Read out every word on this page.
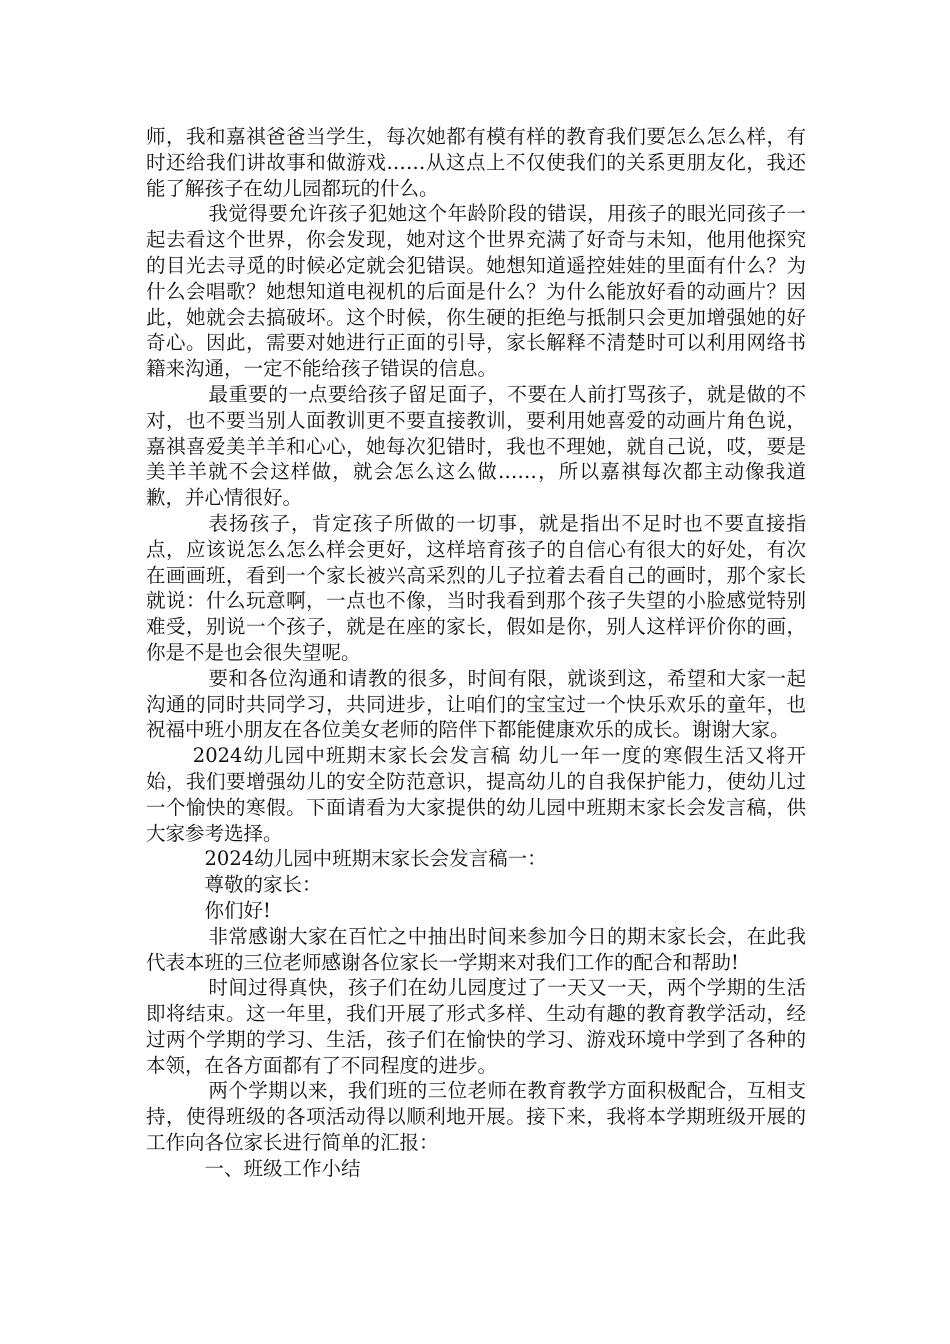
师，我和嘉祺爸爸当学生，每次她都有模有样的教育我们要怎么怎么样，有时还给我们讲故事和做游戏……从这点上不仅使我们的关系更朋友化，我还能了解孩子在幼儿园都玩的什么。

我觉得要允许孩子犯她这个年龄阶段的错误，用孩子的眼光同孩子一起去看这个世界，你会发现，她对这个世界充满了好奇与未知，他用他探究的目光去寻觅的时候必定就会犯错误。她想知道遥控娃娃的里面有什么？为什么会唱歌？她想知道电视机的后面是什么？为什么能放好看的动画片？因此，她就会去搞破坏。这个时候，你生硬的拒绝与抵制只会更加增强她的好奇心。因此，需要对她进行正面的引导，家长解释不清楚时可以利用网络书籍来沟通，一定不能给孩子错误的信息。

最重要的一点要给孩子留足面子，不要在人前打骂孩子，就是做的不对，也不要当别人面教训更不要直接教训，要利用她喜爱的动画片角色说，嘉祺喜爱美羊羊和心心，她每次犯错时，我也不理她，就自己说，哎，要是美羊羊就不会这样做，就会怎么这么做……，所以嘉祺每次都主动像我道歉，并心情很好。

表扬孩子，肯定孩子所做的一切事，就是指出不足时也不要直接指点，应该说怎么怎么样会更好，这样培育孩子的自信心有很大的好处，有次在画画班，看到一个家长被兴高采烈的儿子拉着去看自己的画时，那个家长就说：什么玩意啊，一点也不像，当时我看到那个孩子失望的小脸感觉特别难受，别说一个孩子，就是在座的家长，假如是你，别人这样评价你的画，你是不是也会很失望呢。

要和各位沟通和请教的很多，时间有限，就谈到这，希望和大家一起沟通的同时共同学习，共同进步，让咱们的宝宝过一个快乐欢乐的童年，也祝福中班小朋友在各位美女老师的陪伴下都能健康欢乐的成长。谢谢大家。

2024幼儿园中班期末家长会发言稿 幼儿一年一度的寒假生活又将开始，我们要增强幼儿的安全防范意识，提高幼儿的自我保护能力，使幼儿过一个愉快的寒假。下面请看为大家提供的幼儿园中班期末家长会发言稿，供大家参考选择。

2024幼儿园中班期末家长会发言稿一：

尊敬的家长：

你们好!

非常感谢大家在百忙之中抽出时间来参加今日的期末家长会，在此我代表本班的三位老师感谢各位家长一学期来对我们工作的配合和帮助!

时间过得真快，孩子们在幼儿园度过了一天又一天，两个学期的生活即将结束。这一年里，我们开展了形式多样、生动有趣的教育教学活动，经过两个学期的学习、生活，孩子们在愉快的学习、游戏环境中学到了各种的本领，在各方面都有了不同程度的进步。

两个学期以来，我们班的三位老师在教育教学方面积极配合，互相支持，使得班级的各项活动得以顺利地开展。接下来，我将本学期班级开展的工作向各位家长进行简单的汇报：

一、班级工作小结
